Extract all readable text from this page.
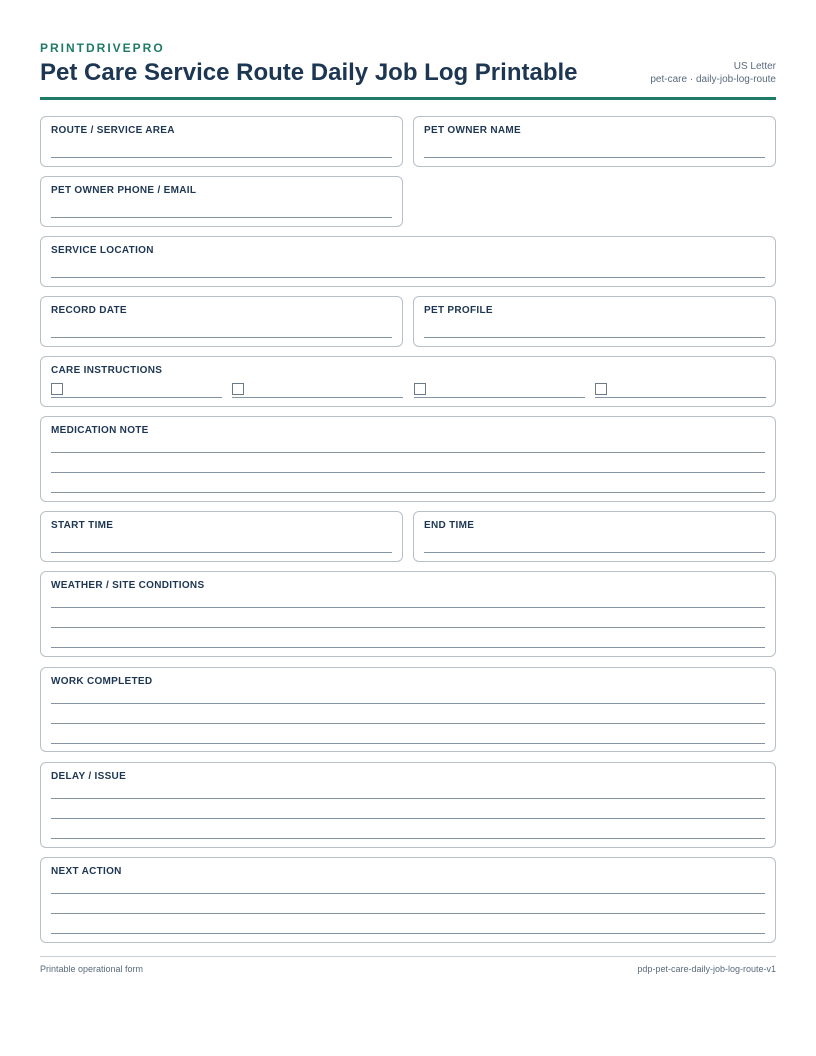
PRINTDRIVEPRO
Pet Care Service Route Daily Job Log Printable	US Letter
pet-care · daily-job-log-route
ROUTE / SERVICE AREA	PET OWNER NAME
PET OWNER PHONE / EMAIL
SERVICE LOCATION
RECORD DATE	PET PROFILE
CARE INSTRUCTIONS
MEDICATION NOTE
START TIME	END TIME
WEATHER / SITE CONDITIONS
WORK COMPLETED
DELAY / ISSUE
NEXT ACTION
Printable operational form	pdp-pet-care-daily-job-log-route-v1
